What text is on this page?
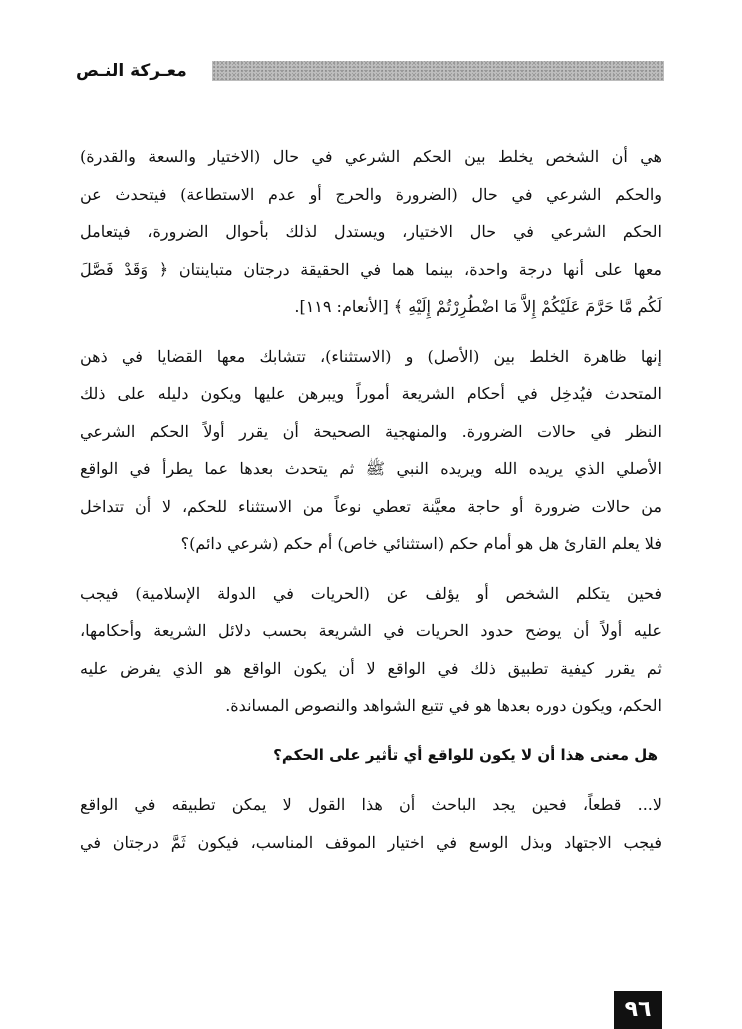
معـركة النـص
هي أن الشخص يخلط بين الحكم الشرعي في حال (الاختيار والسعة والقدرة)
والحكم الشرعي في حال (الضرورة والحرج أو عدم الاستطاعة) فيتحدث عن
الحكم الشرعي في حال الاختيار، ويستدل لذلك بأحوال الضرورة، فيتعامل
معها على أنها درجة واحدة، بينما هما في الحقيقة درجتان متباينتان ﴿ وَقَدْ فَصَّلَ
لَكُم مَّا حَرَّمَ عَلَيْكُمْ إِلاَّ مَا اضْطُرِرْتُمْ إِلَيْهِ ﴾ [الأنعام: ١١٩].
إنها ظاهرة الخلط بين (الأصل) و (الاستثناء)، تتشابك معها القضايا في ذهن
المتحدث فيُدخِل في أحكام الشريعة أموراً ويبرهن عليها ويكون دليله على ذلك
النظر في حالات الضرورة. والمنهجية الصحيحة أن يقرر أولاً الحكم الشرعي
الأصلي الذي يريده الله ويريده النبي ﷺ ثم يتحدث بعدها عما يطرأ في الواقع
من حالات ضرورة أو حاجة معيَّنة تعطي نوعاً من الاستثناء للحكم، لا أن تتداخل
فلا يعلم القارئ هل هو أمام حكم (استثنائي خاص) أم حكم (شرعي دائم)؟
فحين يتكلم الشخص أو يؤلف عن (الحريات في الدولة الإسلامية) فيجب
عليه أولاً أن يوضح حدود الحريات في الشريعة بحسب دلائل الشريعة وأحكامها،
ثم يقرر كيفية تطبيق ذلك في الواقع لا أن يكون الواقع هو الذي يفرض عليه
الحكم، ويكون دوره بعدها هو في تتبع الشواهد والنصوص المساندة.
هل معنى هذا أن لا يكون للواقع أي تأثير على الحكم؟
لا... قطعاً، فحين يجد الباحث أن هذا القول لا يمكن تطبيقه في الواقع
فيجب الاجتهاد وبذل الوسع في اختيار الموقف المناسب، فيكون ثَمَّ درجتان في
٩٦
